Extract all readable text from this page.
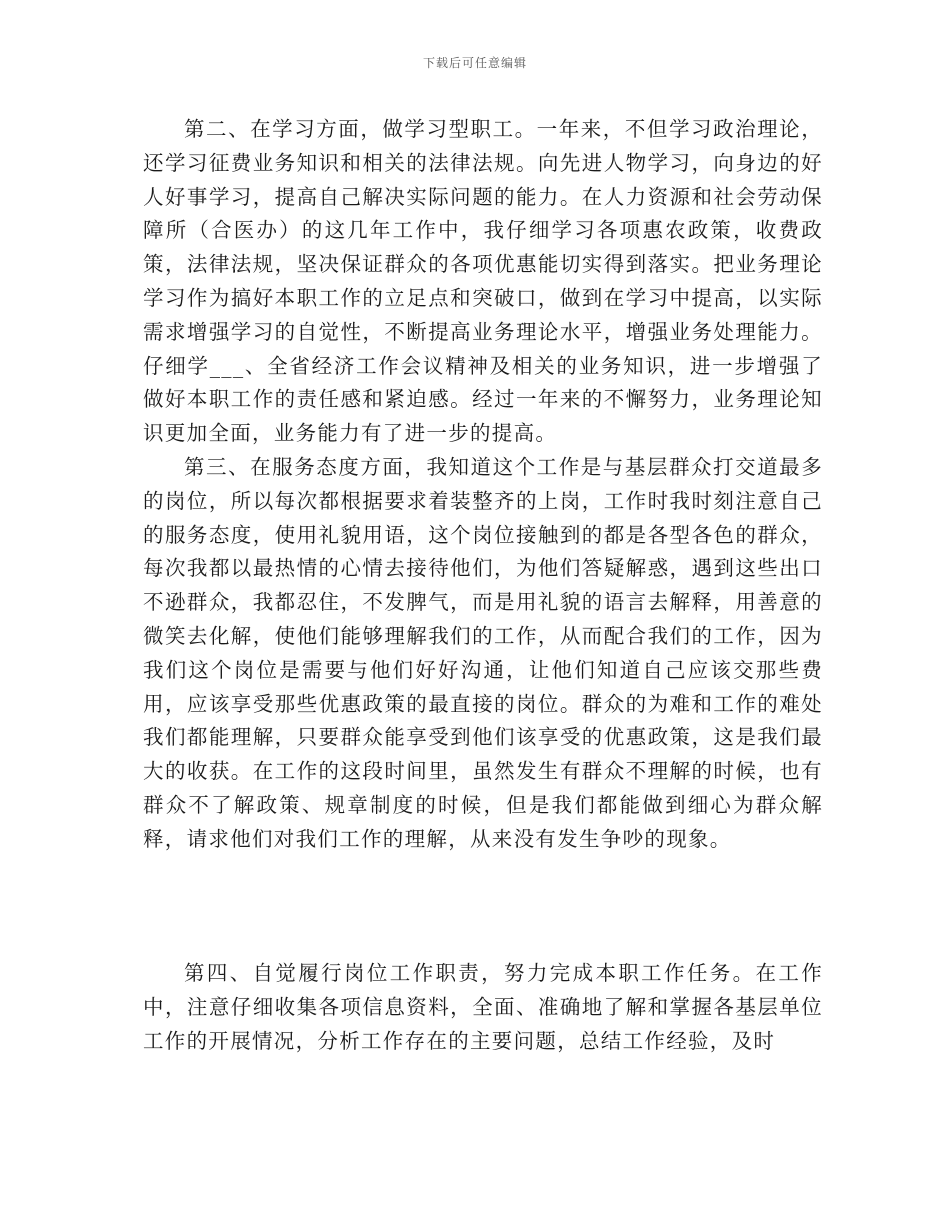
下载后可任意编辑

第二、在学习方面，做学习型职工。一年来，不但学习政治理论，还学习征费业务知识和相关的法律法规。向先进人物学习，向身边的好人好事学习，提高自己解决实际问题的能力。在人力资源和社会劳动保障所（合医办）的这几年工作中，我仔细学习各项惠农政策，收费政策，法律法规，坚决保证群众的各项优惠能切实得到落实。把业务理论学习作为搞好本职工作的立足点和突破口，做到在学习中提高，以实际需求增强学习的自觉性，不断提高业务理论水平，增强业务处理能力。仔细学___、全省经济工作会议精神及相关的业务知识，进一步增强了做好本职工作的责任感和紧迫感。经过一年来的不懈努力，业务理论知识更加全面，业务能力有了进一步的提高。

第三、在服务态度方面，我知道这个工作是与基层群众打交道最多的岗位，所以每次都根据要求着装整齐的上岗，工作时我时刻注意自己的服务态度，使用礼貌用语，这个岗位接触到的都是各型各色的群众，每次我都以最热情的心情去接待他们，为他们答疑解惑，遇到这些出口不逊群众，我都忍住，不发脾气，而是用礼貌的语言去解释，用善意的微笑去化解，使他们能够理解我们的工作，从而配合我们的工作，因为我们这个岗位是需要与他们好好沟通，让他们知道自己应该交那些费用，应该享受那些优惠政策的最直接的岗位。群众的为难和工作的难处我们都能理解，只要群众能享受到他们该享受的优惠政策，这是我们最大的收获。在工作的这段时间里，虽然发生有群众不理解的时候，也有群众不了解政策、规章制度的时候，但是我们都能做到细心为群众解释，请求他们对我们工作的理解，从来没有发生争吵的现象。

第四、自觉履行岗位工作职责，努力完成本职工作任务。在工作中，注意仔细收集各项信息资料，全面、准确地了解和掌握各基层单位工作的开展情况，分析工作存在的主要问题，总结工作经验，及时
